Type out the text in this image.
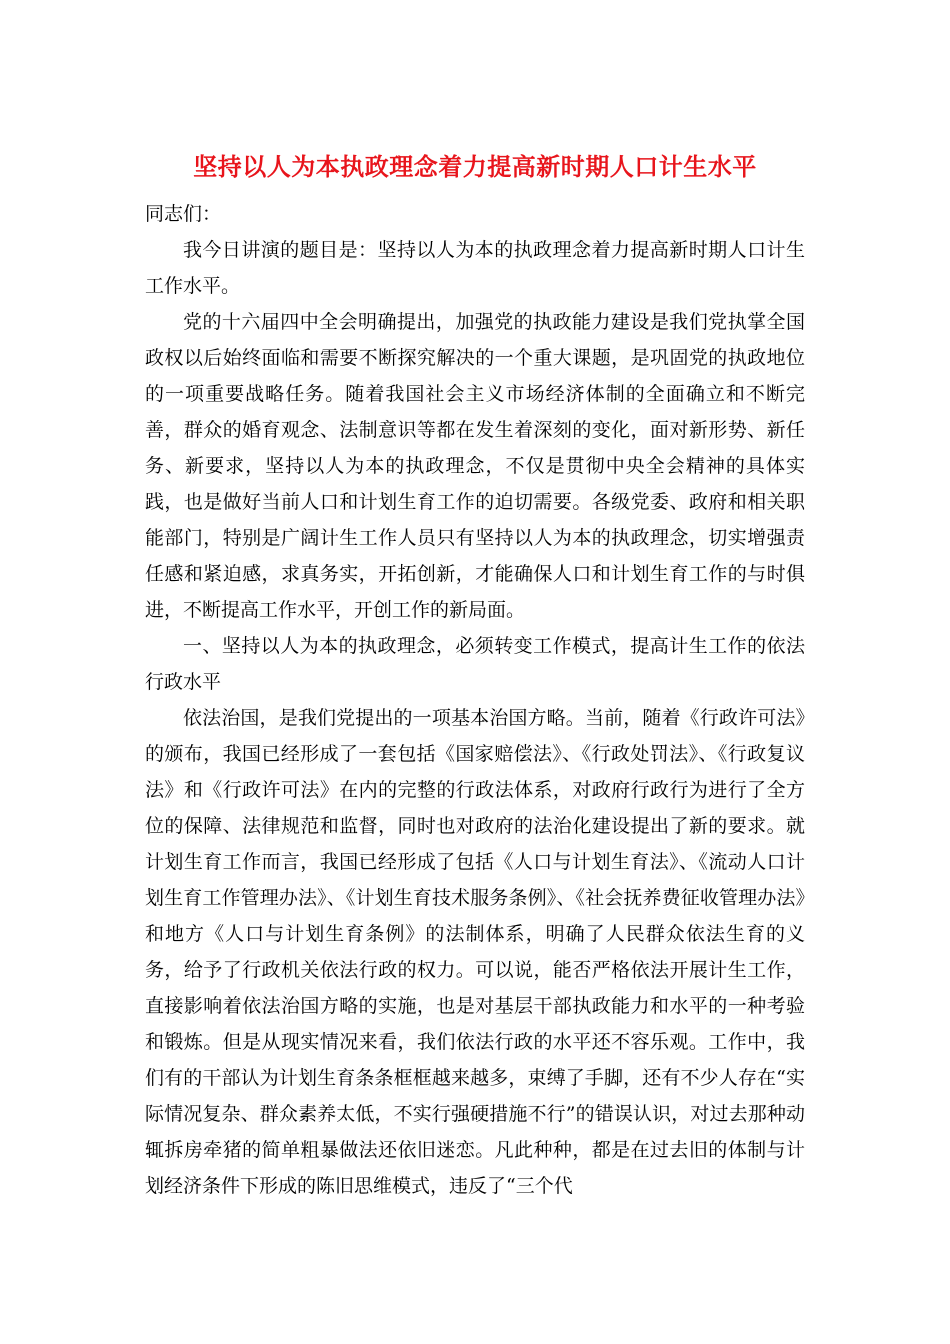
坚持以人为本执政理念着力提高新时期人口计生水平

同志们：

我今日讲演的题目是：坚持以人为本的执政理念着力提高新时期人口计生工作水平。

党的十六届四中全会明确提出，加强党的执政能力建设是我们党执掌全国政权以后始终面临和需要不断探究解决的一个重大课题，是巩固党的执政地位的一项重要战略任务。随着我国社会主义市场经济体制的全面确立和不断完善，群众的婚育观念、法制意识等都在发生着深刻的变化，面对新形势、新任务、新要求，坚持以人为本的执政理念，不仅是贯彻中央全会精神的具体实践，也是做好当前人口和计划生育工作的迫切需要。各级党委、政府和相关职能部门，特别是广阔计生工作人员只有坚持以人为本的执政理念，切实增强责任感和紧迫感，求真务实，开拓创新，才能确保人口和计划生育工作的与时俱进，不断提高工作水平，开创工作的新局面。

一、坚持以人为本的执政理念，必须转变工作模式，提高计生工作的依法行政水平

依法治国，是我们党提出的一项基本治国方略。当前，随着《行政许可法》的颁布，我国已经形成了一套包括《国家赔偿法》、《行政处罚法》、《行政复议法》和《行政许可法》在内的完整的行政法体系，对政府行政行为进行了全方位的保障、法律规范和监督，同时也对政府的法治化建设提出了新的要求。就计划生育工作而言，我国已经形成了包括《人口与计划生育法》、《流动人口计划生育工作管理办法》、《计划生育技术服务条例》、《社会抚养费征收管理办法》和地方《人口与计划生育条例》的法制体系，明确了人民群众依法生育的义务，给予了行政机关依法行政的权力。可以说，能否严格依法开展计生工作，直接影响着依法治国方略的实施，也是对基层干部执政能力和水平的一种考验和锻炼。但是从现实情况来看，我们依法行政的水平还不容乐观。工作中，我们有的干部认为计划生育条条框框越来越多，束缚了手脚，还有不少人存在“实际情况复杂、群众素养太低，不实行强硬措施不行”的错误认识，对过去那种动辄拆房牵猪的简单粗暴做法还依旧迷恋。凡此种种，都是在过去旧的体制与计划经济条件下形成的陈旧思维模式，违反了“三个代
